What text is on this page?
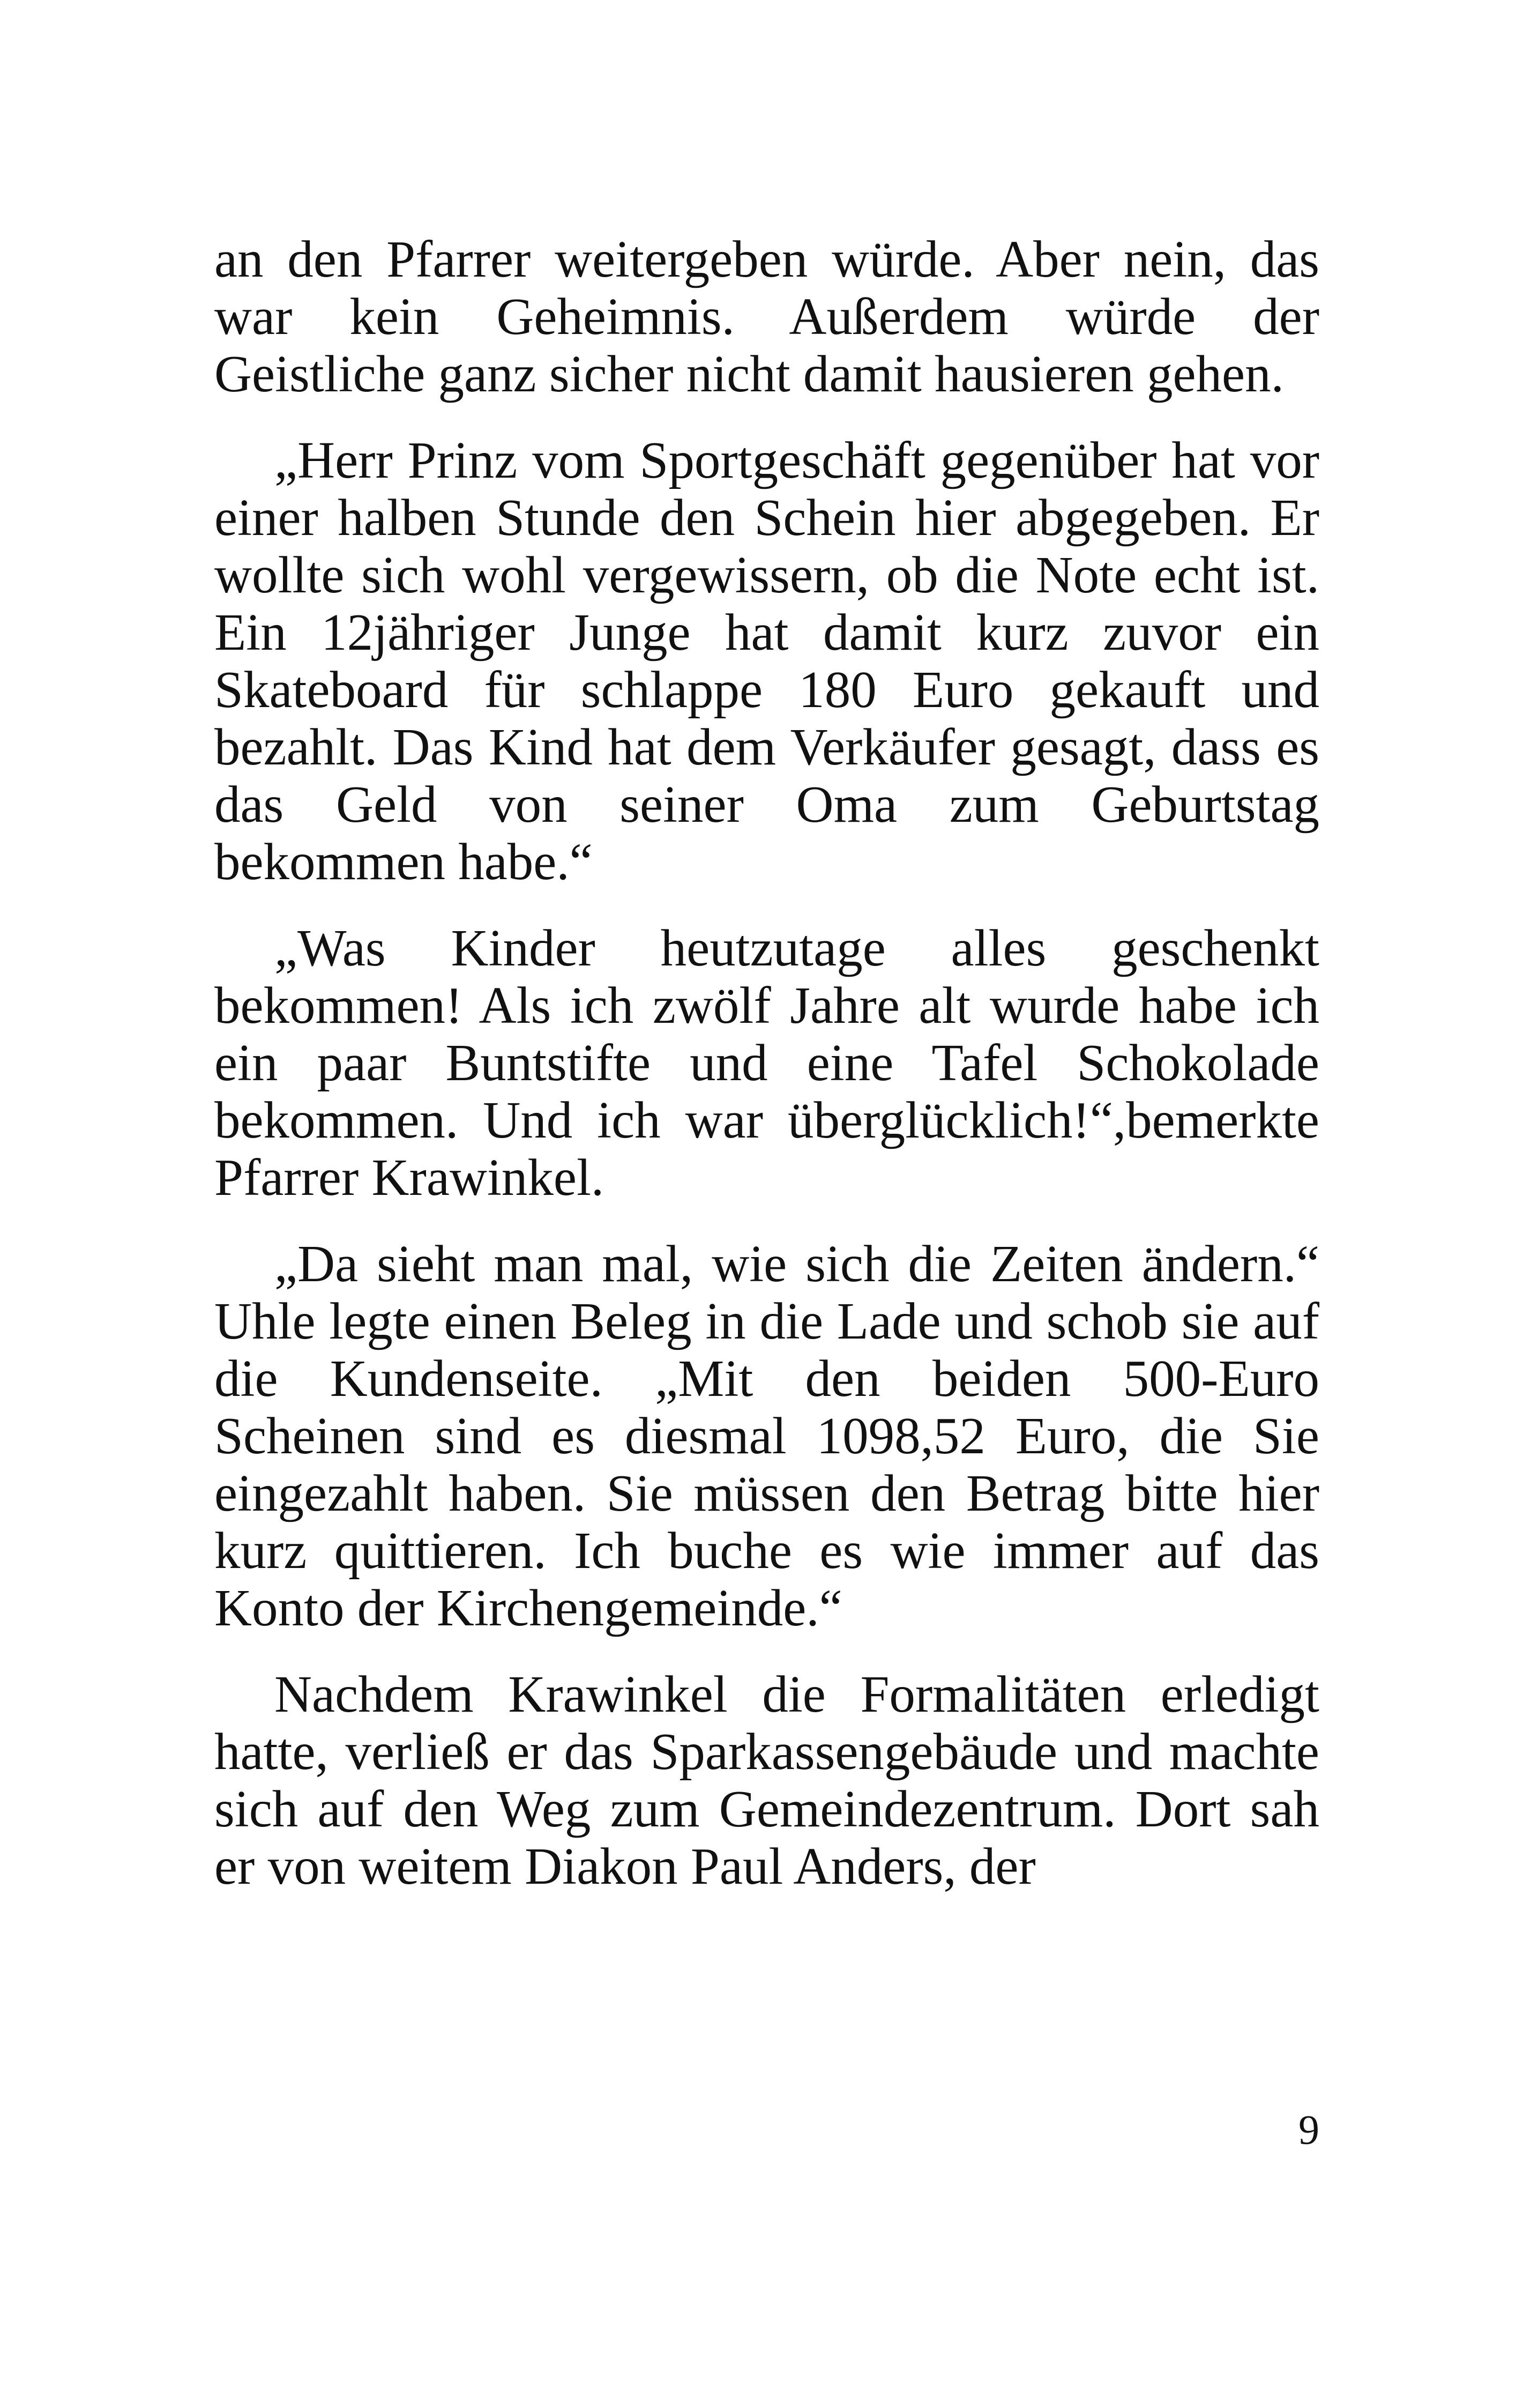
an den Pfarrer weitergeben würde. Aber nein, das war kein Geheimnis. Außerdem würde der Geistliche ganz sicher nicht damit hausieren gehen.

„Herr Prinz vom Sportgeschäft gegenüber hat vor einer halben Stunde den Schein hier abgegeben. Er wollte sich wohl vergewissern, ob die Note echt ist. Ein 12jähriger Junge hat damit kurz zuvor ein Skateboard für schlappe 180 Euro gekauft und bezahlt. Das Kind hat dem Verkäufer gesagt, dass es das Geld von seiner Oma zum Geburtstag bekommen habe.“

„Was Kinder heutzutage alles geschenkt bekommen! Als ich zwölf Jahre alt wurde habe ich ein paar Buntstifte und eine Tafel Schokolade bekommen. Und ich war überglücklich!“,bemerkte Pfarrer Krawinkel.

„Da sieht man mal, wie sich die Zeiten ändern.“ Uhle legte einen Beleg in die Lade und schob sie auf die Kundenseite. „Mit den beiden 500-Euro Scheinen sind es diesmal 1098,52 Euro, die Sie eingezahlt haben. Sie müssen den Betrag bitte hier kurz quittieren. Ich buche es wie immer auf das Konto der Kirchengemeinde.“

Nachdem Krawinkel die Formalitäten erledigt hatte, verließ er das Sparkassengebäude und machte sich auf den Weg zum Gemeindezentrum. Dort sah er von weitem Diakon Paul Anders, der

9
